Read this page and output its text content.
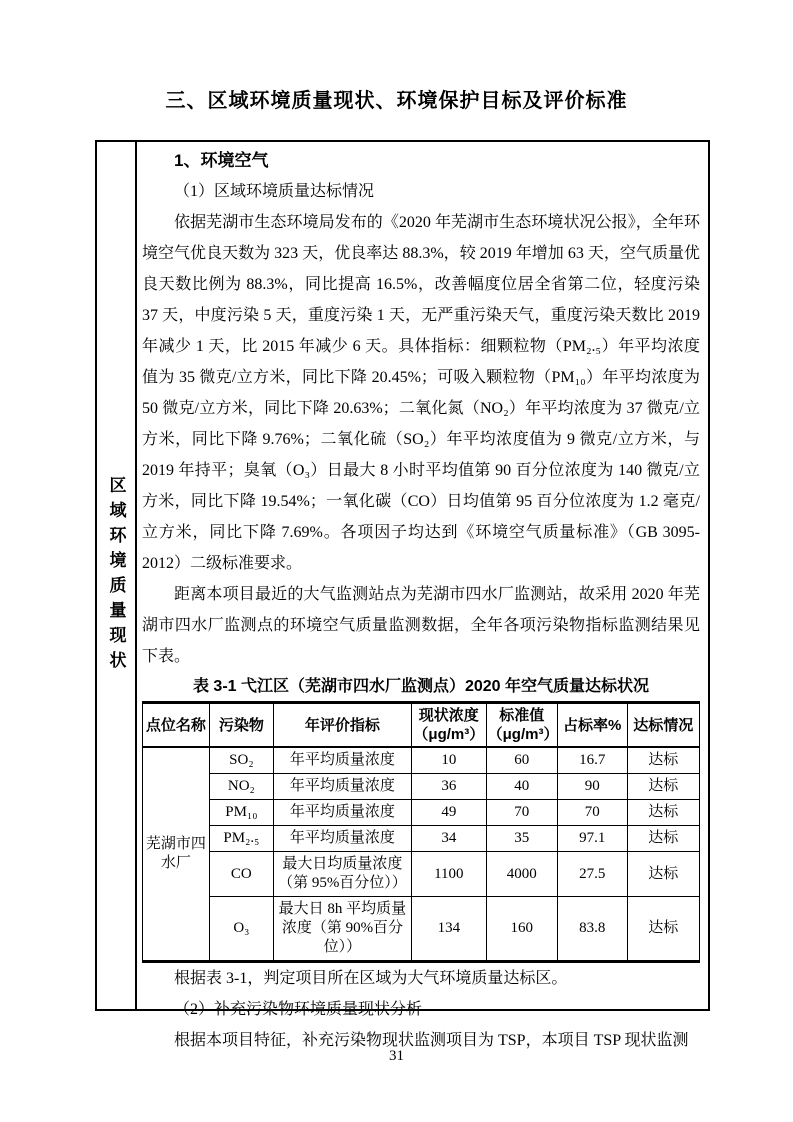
三、区域环境质量现状、环境保护目标及评价标准
区域环境质量现状

1、环境空气

（1）区域环境质量达标情况

依据芜湖市生态环境局发布的《2020 年芜湖市生态环境状况公报》，全年环境空气优良天数为 323 天，优良率达 88.3%，较 2019 年增加 63 天，空气质量优良天数比例为 88.3%，同比提高 16.5%，改善幅度位居全省第二位，轻度污染 37 天，中度污染 5 天，重度污染 1 天，无严重污染天气，重度污染天数比 2019 年减少 1 天，比 2015 年减少 6 天。具体指标：细颗粒物（PM₂.₅）年平均浓度值为 35 微克/立方米，同比下降 20.45%；可吸入颗粒物（PM₁₀）年平均浓度为 50 微克/立方米，同比下降 20.63%；二氧化氮（NO₂）年平均浓度为 37 微克/立方米，同比下降 9.76%；二氧化硫（SO₂）年平均浓度值为 9 微克/立方米，与 2019 年持平；臭氧（O₃）日最大 8 小时平均值第 90 百分位浓度为 140 微克/立方米，同比下降 19.54%；一氧化碳（CO）日均值第 95 百分位浓度为 1.2 毫克/立方米，同比下降 7.69%。各项因子均达到《环境空气质量标准》（GB 3095-2012）二级标准要求。

距离本项目最近的大气监测站点为芜湖市四水厂监测站，故采用 2020 年芜湖市四水厂监测点的环境空气质量监测数据，全年各项污染物指标监测结果见下表。

表 3-1 弋江区（芜湖市四水厂监测点）2020 年空气质量达标状况
点位名称	污染物	年评价指标	现状浓度（μg/m³）	标准值（μg/m³）	占标率%	达标情况
芜湖市四水厂	SO₂	年平均质量浓度	10	60	16.7	达标
	NO₂	年平均质量浓度	36	40	90	达标
	PM₁₀	年平均质量浓度	49	70	70	达标
	PM₂.₅	年平均质量浓度	34	35	97.1	达标
	CO	最大日均质量浓度（第 95%百分位））	1100	4000	27.5	达标
	O₃	最大日 8h 平均质量浓度（第 90%百分位））	134	160	83.8	达标

根据表 3-1，判定项目所在区域为大气环境质量达标区。

（2）补充污染物环境质量现状分析

根据本项目特征，补充污染物现状监测项目为 TSP，本项目 TSP 现状监测

31
